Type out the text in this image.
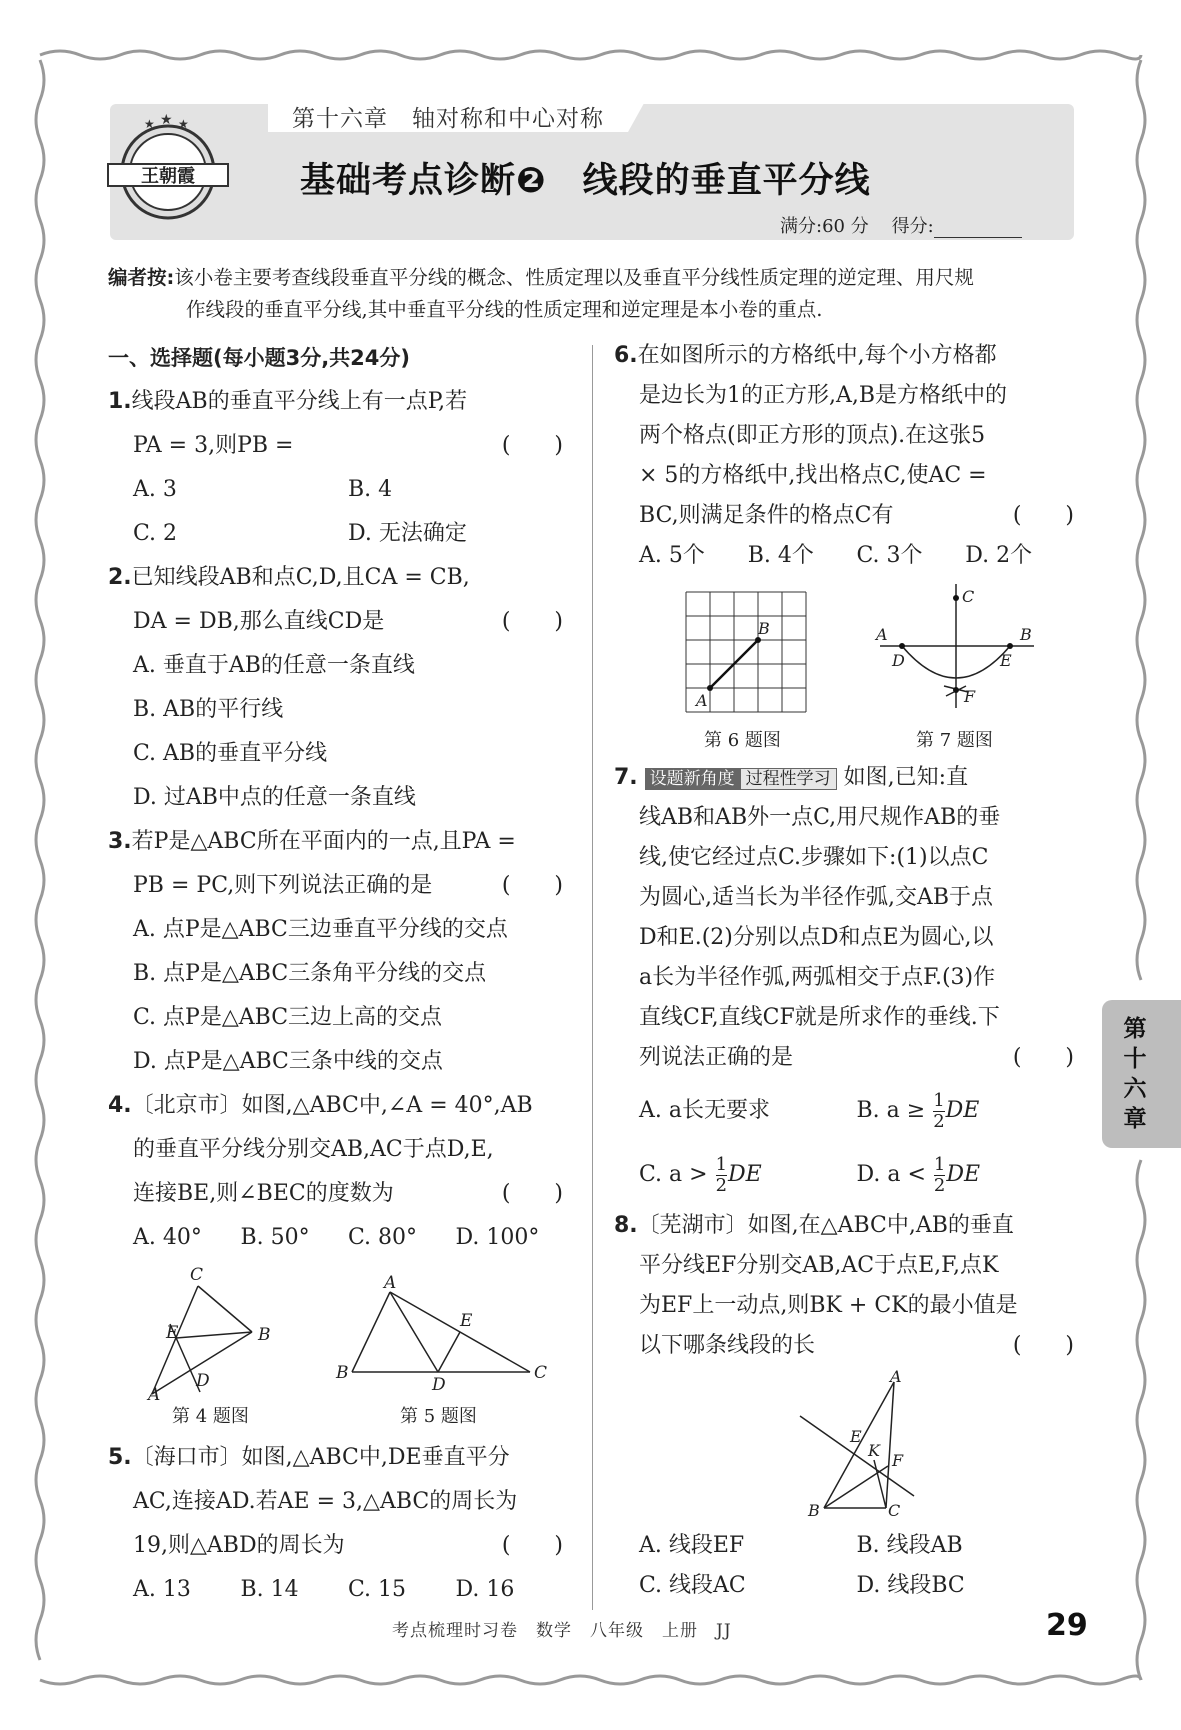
第十六章　轴对称和中心对称
王朝霞
★ ★ ★
基础考点诊断❷　线段的垂直平分线
满分:60 分 得分:
编者按:该小卷主要考查线段垂直平分线的概念、性质定理以及垂直平分线性质定理的逆定理、用尺规
作线段的垂直平分线,其中垂直平分线的性质定理和逆定理是本小卷的重点.

一、选择题(每小题3分,共24分)

1.线段AB的垂直平分线上有一点P,若

PA = 3,则PB =	(　　)

A. 3	B. 4

C. 2	D. 无法确定

2.已知线段AB和点C,D,且CA = CB,

DA = DB,那么直线CD是	(　　)

A. 垂直于AB的任意一条直线

B. AB的平行线

C. AB的垂直平分线

D. 过AB中点的任意一条直线

3.若P是△ABC所在平面内的一点,且PA =

PB = PC,则下列说法正确的是	(　　)

A. 点P是△ABC三边垂直平分线的交点

B. 点P是△ABC三条角平分线的交点

C. 点P是△ABC三边上高的交点

D. 点P是△ABC三条中线的交点

4.〔北京市〕如图,△ABC中,∠A = 40°,AB

的垂直平分线分别交AB,AC于点D,E,

连接BE,则∠BEC的度数为	(　　)

A. 40°	B. 50°	C. 80°	D. 100°

C
E	B
A
D
第 4 题图
A
E
B
D
C
第 5 题图

5.〔海口市〕如图,△ABC中,DE垂直平分

AC,连接AD.若AE = 3,△ABC的周长为

19,则△ABD的周长为	(　　)

A. 13	B. 14	C. 15	D. 16

6.在如图所示的方格纸中,每个小方格都

是边长为1的正方形,A,B是方格纸中的

两个格点(即正方形的顶点).在这张5

× 5的方格纸中,找出格点C,使AC =

BC,则满足条件的格点C有	(　　)

A. 5个	B. 4个	C. 3个	D. 2个

B
A
第 6 题图
C
A	B
D	E
F
第 7 题图

7. 设题新角度 过程性学习 如图,已知:直

线AB和AB外一点C,用尺规作AB的垂

线,使它经过点C.步骤如下:(1)以点C

为圆心,适当长为半径作弧,交AB于点

D和E.(2)分别以点D和点E为圆心,以

a长为半径作弧,两弧相交于点F.(3)作

直线CF,直线CF就是所求作的垂线.下

列说法正确的是	(　　)

A. a长无要求	B. $a \ge \frac{1}{2}$ DE

C. $a > \frac{1}{2}$ DE	D. $a < \frac{1}{2}$ DE

8.〔芜湖市〕如图,在△ABC中,AB的垂直

平分线EF分别交AB,AC于点E,F,点K

为EF上一动点,则BK + CK的最小值是

以下哪条线段的长	(　　)

A
E
K
F
B	C

A. 线段EF	B. 线段AB

C. 线段AC	D. 线段BC

第十六章
考点梳理时习卷　数学　八年级　上册　JJ	29
